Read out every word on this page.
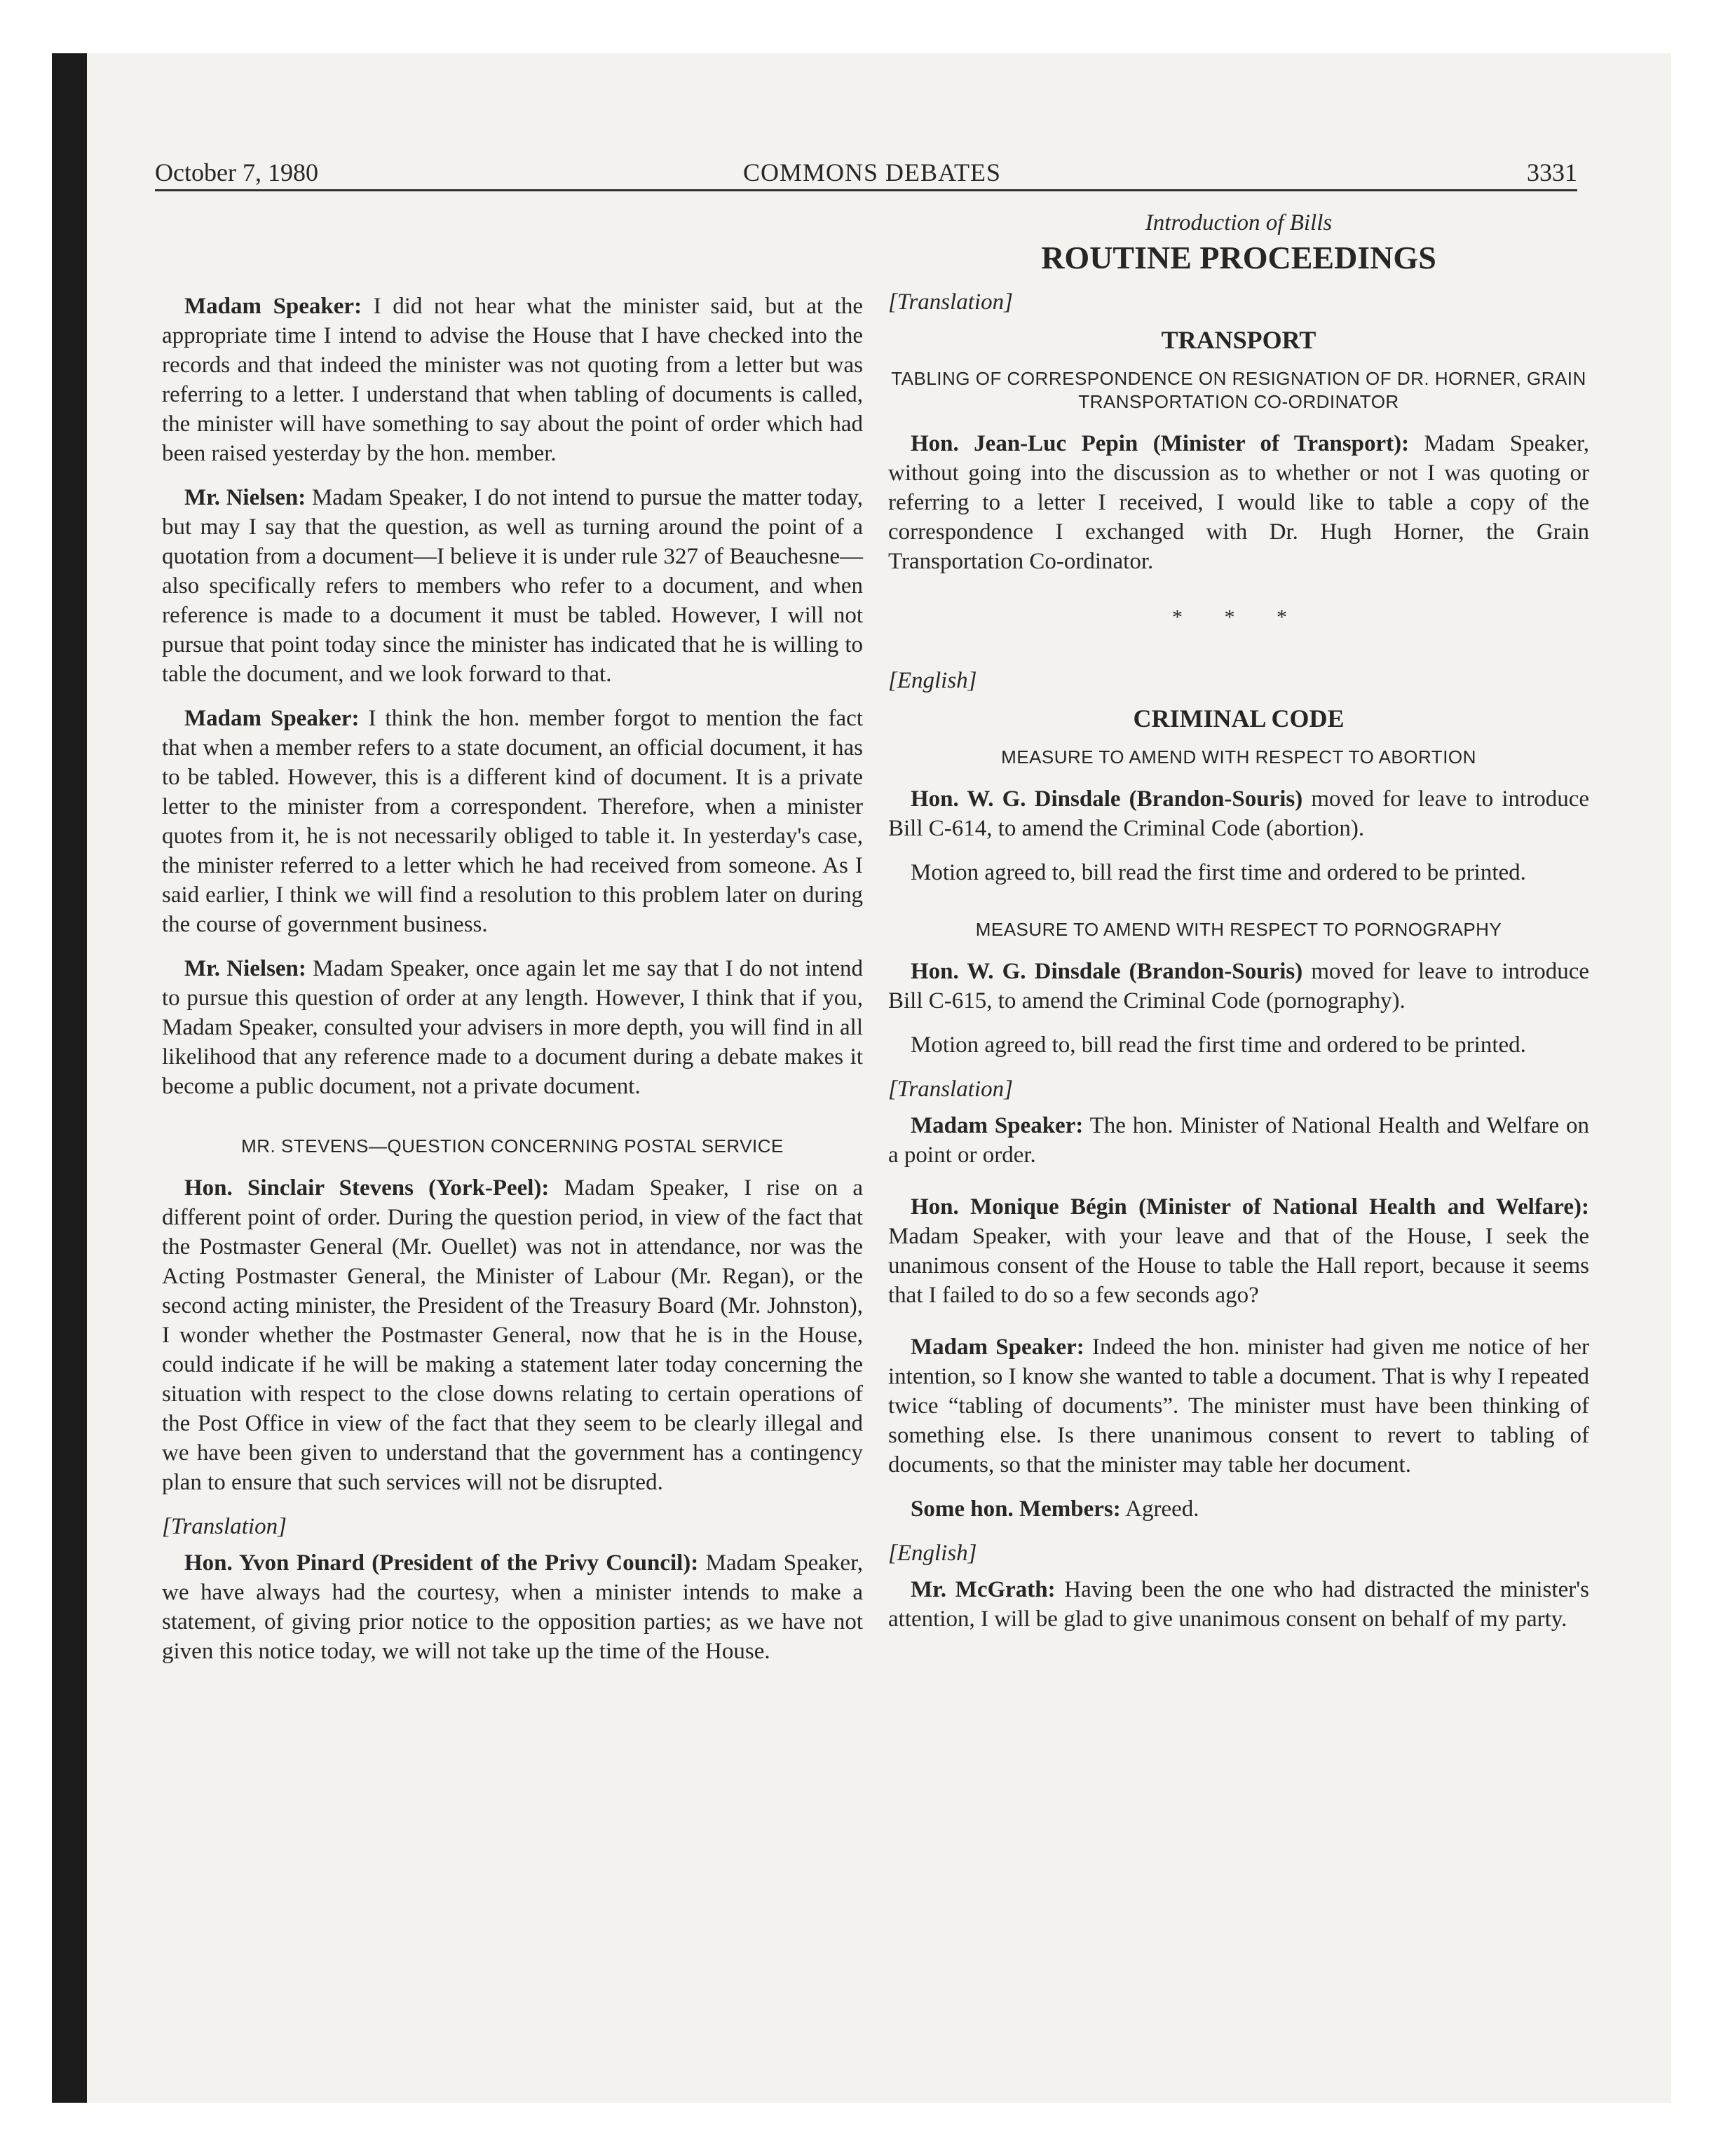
October 7, 1980	COMMONS DEBATES	3331

Madam Speaker: I did not hear what the minister said, but at the appropriate time I intend to advise the House that I have checked into the records and that indeed the minister was not quoting from a letter but was referring to a letter. I understand that when tabling of documents is called, the minister will have something to say about the point of order which had been raised yesterday by the hon. member.

Mr. Nielsen: Madam Speaker, I do not intend to pursue the matter today, but may I say that the question, as well as turning around the point of a quotation from a document—I believe it is under rule 327 of Beauchesne—also specifically refers to members who refer to a document, and when reference is made to a document it must be tabled. However, I will not pursue that point today since the minister has indicated that he is willing to table the document, and we look forward to that.

Madam Speaker: I think the hon. member forgot to mention the fact that when a member refers to a state document, an official document, it has to be tabled. However, this is a different kind of document. It is a private letter to the minister from a correspondent. Therefore, when a minister quotes from it, he is not necessarily obliged to table it. In yesterday's case, the minister referred to a letter which he had received from someone. As I said earlier, I think we will find a resolution to this problem later on during the course of government business.

Mr. Nielsen: Madam Speaker, once again let me say that I do not intend to pursue this question of order at any length. However, I think that if you, Madam Speaker, consulted your advisers in more depth, you will find in all likelihood that any reference made to a document during a debate makes it become a public document, not a private document.

MR. STEVENS—QUESTION CONCERNING POSTAL SERVICE

Hon. Sinclair Stevens (York-Peel): Madam Speaker, I rise on a different point of order. During the question period, in view of the fact that the Postmaster General (Mr. Ouellet) was not in attendance, nor was the Acting Postmaster General, the Minister of Labour (Mr. Regan), or the second acting minister, the President of the Treasury Board (Mr. Johnston), I wonder whether the Postmaster General, now that he is in the House, could indicate if he will be making a statement later today concerning the situation with respect to the close downs relating to certain operations of the Post Office in view of the fact that they seem to be clearly illegal and we have been given to understand that the government has a contingency plan to ensure that such services will not be disrupted.

[Translation]

Hon. Yvon Pinard (President of the Privy Council): Madam Speaker, we have always had the courtesy, when a minister intends to make a statement, of giving prior notice to the opposition parties; as we have not given this notice today, we will not take up the time of the House.

Introduction of Bills
ROUTINE PROCEEDINGS
[Translation]
TRANSPORT
TABLING OF CORRESPONDENCE ON RESIGNATION OF DR. HORNER, GRAIN TRANSPORTATION CO-ORDINATOR

Hon. Jean-Luc Pepin (Minister of Transport): Madam Speaker, without going into the discussion as to whether or not I was quoting or referring to a letter I received, I would like to table a copy of the correspondence I exchanged with Dr. Hugh Horner, the Grain Transportation Co-ordinator.

* * *
[English]
CRIMINAL CODE
MEASURE TO AMEND WITH RESPECT TO ABORTION

Hon. W. G. Dinsdale (Brandon-Souris) moved for leave to introduce Bill C-614, to amend the Criminal Code (abortion).

Motion agreed to, bill read the first time and ordered to be printed.

MEASURE TO AMEND WITH RESPECT TO PORNOGRAPHY

Hon. W. G. Dinsdale (Brandon-Souris) moved for leave to introduce Bill C-615, to amend the Criminal Code (pornography).

Motion agreed to, bill read the first time and ordered to be printed.

[Translation]

Madam Speaker: The hon. Minister of National Health and Welfare on a point or order.

Hon. Monique Bégin (Minister of National Health and Welfare): Madam Speaker, with your leave and that of the House, I seek the unanimous consent of the House to table the Hall report, because it seems that I failed to do so a few seconds ago?

Madam Speaker: Indeed the hon. minister had given me notice of her intention, so I know she wanted to table a document. That is why I repeated twice “tabling of documents”. The minister must have been thinking of something else. Is there unanimous consent to revert to tabling of documents, so that the minister may table her document.

Some hon. Members: Agreed.

[English]

Mr. McGrath: Having been the one who had distracted the minister's attention, I will be glad to give unanimous consent on behalf of my party.
